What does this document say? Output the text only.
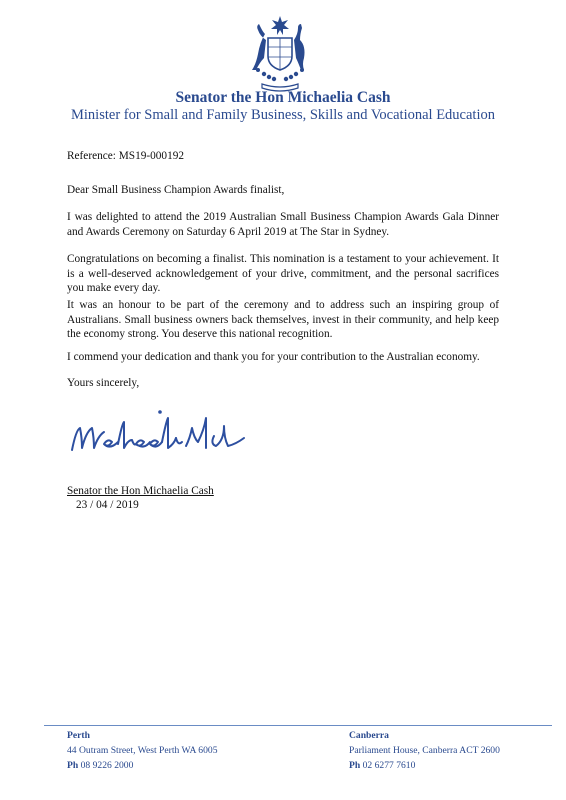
Senator the Hon Michaelia Cash
Minister for Small and Family Business, Skills and Vocational Education

Reference: MS19-000192

Dear Small Business Champion Awards finalist,

I was delighted to attend the 2019 Australian Small Business Champion Awards Gala Dinner and Awards Ceremony on Saturday 6 April 2019 at The Star in Sydney.

Congratulations on becoming a finalist. This nomination is a testament to your achievement. It is a well-deserved acknowledgement of your drive, commitment, and the personal sacrifices you make every day.

It was an honour to be part of the ceremony and to address such an inspiring group of Australians. Small business owners back themselves, invest in their community, and help keep the economy strong. You deserve this national recognition.

I commend your dedication and thank you for your contribution to the Australian economy.

Yours sincerely,

Senator the Hon Michaelia Cash
23 / 04 / 2019
Perth
44 Outram Street, West Perth WA 6005
Ph 08 9226 2000
Canberra
Parliament House, Canberra ACT 2600
Ph 02 6277 7610
